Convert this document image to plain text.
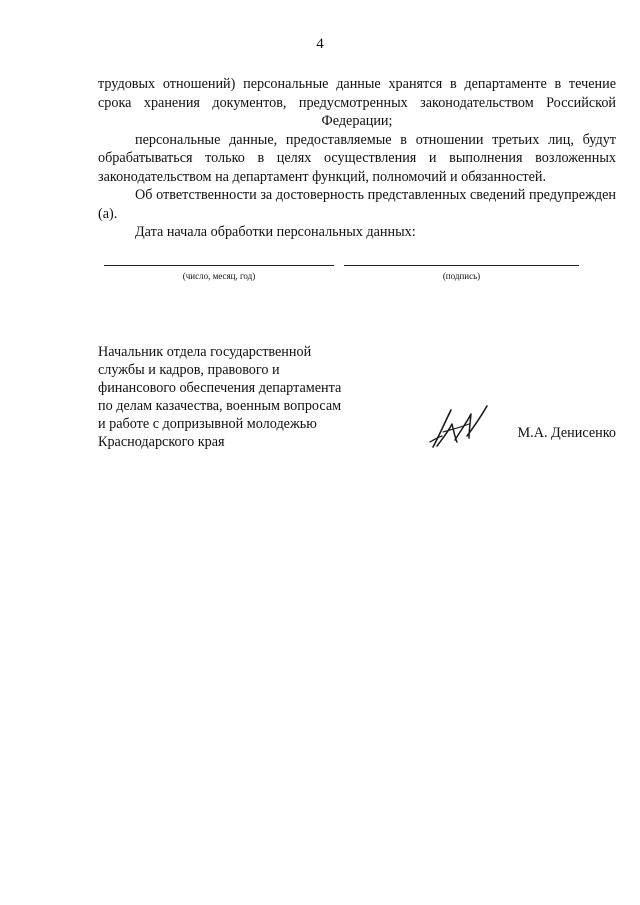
4

трудовых отношений) персональные данные хранятся в департаменте в течение срока хранения документов, предусмотренных законодательством Российской Федерации;

персональные данные, предоставляемые в отношении третьих лиц, будут обрабатываться только в целях осуществления и выполнения возложенных законодательством на департамент функций, полномочий и обязанностей.

Об ответственности за достоверность представленных сведений предупрежден (а).

Дата начала обработки персональных данных:

(число, месяц, год)	(подпись)
Начальник отдела государственной
службы и кадров, правового и
финансового обеспечения департамента
по делам казачества, военным вопросам
и работе с допризывной молодежью
Краснодарского края
М.А. Денисенко
